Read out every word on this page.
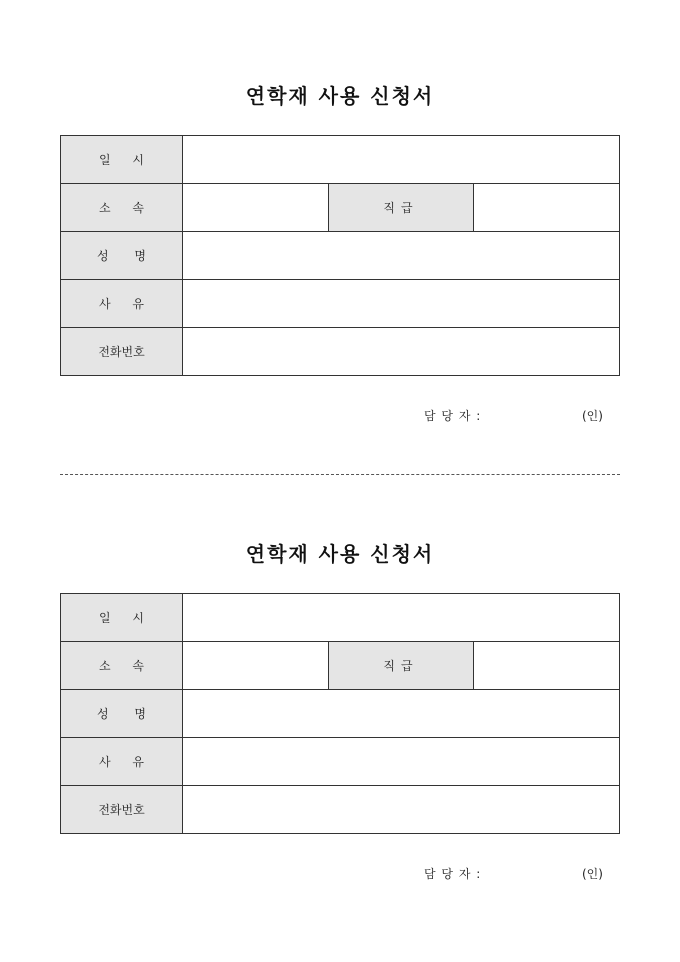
연학재 사용 신청서
일 시			
소 속		직급	
성 명			
사 유			
전화번호			
담 당 자 :	(인)
연학재 사용 신청서
일 시			
소 속		직급	
성 명			
사 유			
전화번호			
담 당 자 :	(인)
